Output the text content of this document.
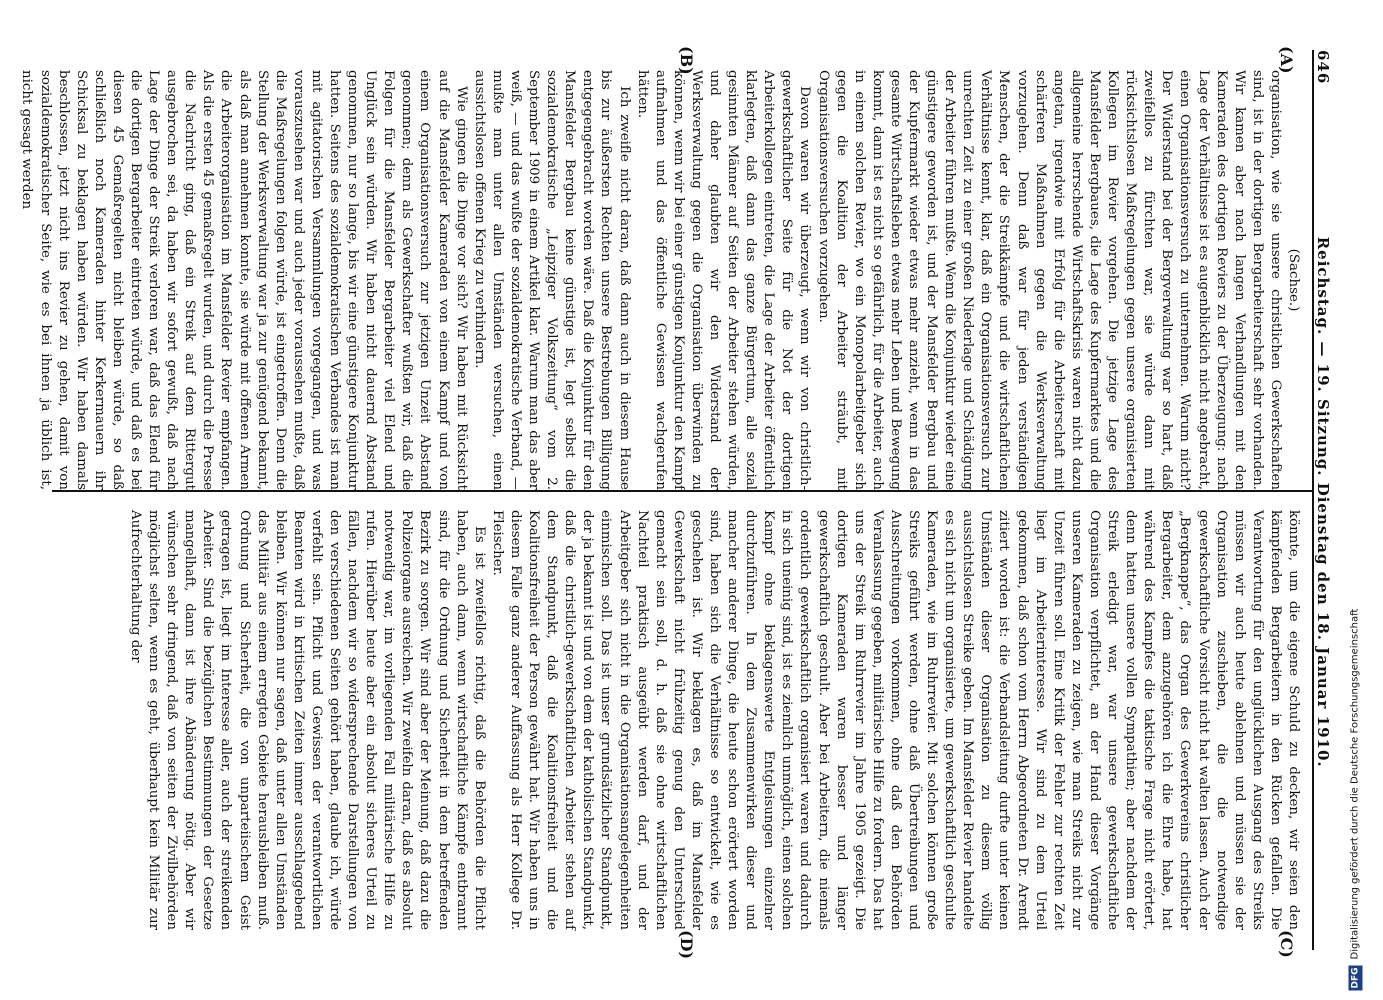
646
Reichstag. — 19. Sitzung. Dienstag den 18. Januar 1910.
(A)
(B)
(C)
(D)

(Sachse.)

organisation, wie sie unsere christlichen Gewerkschaften sind, ist in der dortigen Bergarbeiterschaft sehr vorhanden. Wir kamen aber nach langen Verhandlungen mit den Kameraden des dortigen Reviers zu der Überzeugung: nach Lage der Verhältnisse ist es augenblicklich nicht angebracht, einen Organisationsversuch zu unternehmen. Warum nicht? Der Widerstand bei der Bergverwaltung war so hart, daß zweifellos zu fürchten war, sie würde dann mit rücksichtslosen Maßregelungen gegen unsere organisierten Kollegen im Revier vorgehen. Die jetzige Lage des Mansfelder Bergbaues, die Lage des Kupfermarktes und die allgemeine herrschende Wirtschaftskrisis waren nicht dazu angetan, irgendwie mit Erfolg für die Arbeiterschaft mit schärferen Maßnahmen gegen die Werksverwaltung vorzugehen. Denn daß war für jeden verständigen Menschen, der die Streikkämpfe und die wirtschaftlichen Verhältnisse kennt, klar, daß ein Organisationsversuch zur unrechten Zeit zu einer großen Niederlage und Schädigung der Arbeiter führen mußte. Wenn die Konjunktur wieder eine günstigere geworden ist, und der Mansfelder Bergbau und der Kupfermarkt wieder etwas mehr anzieht, wenn in das gesamte Wirtschaftsleben etwas mehr Leben und Bewegung kommt, dann ist es nicht so gefährlich, für die Arbeiter, auch in einem solchen Revier, wo ein Monopolarbeitgeber sich gegen die Koalition der Arbeiter sträubt, mit Organisationsversuchen vorzugehen.

Davon waren wir überzeugt, wenn wir von christlich-gewerkschaftlicher Seite für die Not der dortigen Arbeiterkollegen eintreten, die Lage der Arbeiter öffentlich klarlegten, daß dann das ganze Bürgertum, alle sozial gesinnten Männer auf Seiten der Arbeiter stehen würden, und daher glaubten wir den Widerstand der Werksverwaltung gegen die Organisation überwinden zu können, wenn wir bei einer günstigen Konjunktur den Kampf aufnahmen und das öffentliche Gewissen wachgerufen hätten.

Ich zweifle nicht daran, daß dann auch in diesem Hause bis zur äußersten Rechten unsere Bestrebungen Billigung entgegengebracht worden wäre. Daß die Konjunktur für den Mansfelder Bergbau keine günstige ist, legt selbst die sozialdemokratische „Leipziger Volkszeitung“ vom 2. September 1909 in einem Artikel klar. Warum man das aber weiß, — und das wußte der sozialdemokratische Verband, — mußte man unter allen Umständen versuchen, einen aussichtslosen offenen Krieg zu verhindern.

Wie gingen die Dinge vor sich? Wir haben mit Rücksicht auf die Mansfelder Kameraden von einem Kampf und von einem Organisationsversuch zur jetzigen Unzeit Abstand genommen; denn als Gewerkschafter wußten wir, daß die Folgen für die Mansfelder Bergarbeiter viel Elend und Unglück sein würden. Wir haben nicht dauernd Abstand genommen, nur so lange, bis wir eine günstigere Konjunktur hatten. Seitens des sozialdemokratischen Verbandes ist man mit agitatorischen Versammlungen vorgegangen, und was vorauszusehen war und auch jeder voraussehen mußte, daß die Maßregelungen folgen würde, ist eingetroffen. Denn die Stellung der Werksverwaltung war ja zur genügend bekannt, als daß man annehmen konnte, sie würde mit offenen Armen die Arbeiterorganisation im Mansfelder Revier empfangen. Als die ersten 45 gemaßregelt wurden, und durch die Presse die Nachricht ging, daß ein Streik auf dem Rittergut ausgebrochen sei, da haben wir sofort gewußt, daß nach Lage der Dinge der Streik verloren war, daß das Elend für die dortigen Bergarbeiter eintreten würde, und daß es bei diesen 45 Gemaßregelten nicht bleiben würde, so daß schließlich noch Kameraden hinter Kerkermauern ihr Schicksal zu beklagen haben würden. Wir haben damals beschlossen, jetzt nicht ins Revier zu gehen, damit von sozialdemokratischer Seite, wie es bei ihnen ja üblich ist, nicht gesagt werden

könnte, um die eigene Schuld zu decken, wir seien den kämpfenden Bergarbeitern in den Rücken gefallen. Die Verantwortung für den unglücklichen Ausgang des Streiks müssen wir auch heute ablehnen und müssen sie der Organisation zuschieben, die die notwendige gewerkschaftliche Vorsicht nicht hat walten lassen. Auch der „Bergknappe“, das Organ des Gewerkvereins christlicher Bergarbeiter, dem anzugehören ich die Ehre habe, hat während des Kampfes die taktische Frage nicht erörtert, denn hatten unsere vollen Sympathien; aber nachdem der Streik erledigt war, war unsere gewerkschaftliche Organisation verpflichtet, an der Hand dieser Vorgänge unseren Kameraden zu zeigen, wie man Streiks nicht zur Unzeit führen soll. Eine Kritik der Fehler zur rechten Zeit liegt im Arbeiterinteresse. Wir sind zu dem Urteil gekommen, daß schon vom Herrn Abgeordneten Dr. Arendt zitiert worden ist: die Verbandsleitung durfte unter keinen Umständen dieser Organisation zu diesem völlig aussichtslosen Streike geben. Im Mansfelder Revier handelte es sich nicht um organisierte, um gewerkschaftlich geschulte Kameraden, wie im Ruhrrevier. Mit solchen können große Streiks geführt werden, ohne daß Übertreibungen und Ausschreitungen vorkommen, ohne daß den Behörden Veranlassung gegeben, militärische Hilfe zu fordern. Das hat uns der Streik im Ruhrrevier im Jahre 1905 gezeigt. Die dortigen Kameraden waren besser und länger gewerkschaftlich geschult. Aber bei Arbeitern, die niemals ordentlich gewerkschaftlich organisiert waren und dadurch in sich uneinig sind, ist es ziemlich unmöglich, einen solchen Kampf ohne beklagenswerte Entgleisungen einzelner durchzuführen. In dem Zusammenwirken dieser und mancher anderer Dinge, die heute schon erörtert worden sind, haben sich die Verhältnisse so entwickelt, wie es geschehen ist. Wir beklagen es, daß im Mansfelder Gewerkschaft nicht frühzeitig genug den Unterschied gemacht sein soll, d. h. daß sie ohne wirtschaftlichen Nachteil praktisch ausgeübt werden darf, und der Arbeitgeber sich nicht in die Organisationsangelegenheiten einmischen soll. Das ist unser grundsätzlicher Standpunkt, der ja bekannt ist und von dem der katholischen Standpunkt, daß die christlich-gewerkschaftlichen Arbeiter stehen auf dem Standpunkt, daß die Koalitionsfreiheit und die Koalitionsfreiheit der Person gewährt hat. Wir haben uns in diesem Falle ganz anderer Auffassung als Herr Kollege Dr. Fleischer.

Es ist zweifellos richtig, daß die Behörden die Pflicht haben, auch dann, wenn wirtschaftliche Kämpfe entbrannt sind, für die Ordnung und Sicherheit in dem betreffenden Bezirk zu sorgen. Wir sind aber der Meinung, daß dazu die Polizeiorgane ausreichen. Wir zweifeln daran, daß es absolut notwendig war, im vorliegenden Fall militärische Hilfe zu rufen. Hierüber heute aber ein absolut sicheres Urteil zu fällen, nachdem wir so widersprechende Darstellungen von den verschiedenen Seiten gehört haben, glaube ich, würde verfehlt sein. Pflicht und Gewissen der verantwortlichen Beamten wird in kritischen Zeiten immer ausschlaggebend bleiben. Wir können nur sagen, daß unter allen Umständen das Militär aus einem erregten Gebiete herausbleiben muß. Ordnung und Sicherheit, die von unparteiischem Geist getragen ist, liegt im Interesse aller, auch der streikenden Arbeiter. Sind die bezüglichen Bestimmungen der Gesetze mangelhaft, dann ist ihre Abänderung nötig. Aber wir wünschen sehr dringend, daß von seiten der Zivilbehörden möglichst selten, wenn es geht, überhaupt kein Militär zur Aufrechterhaltung der

DFGDigitalisierung gefördert durch die Deutsche Forschungsgemeinschaft
